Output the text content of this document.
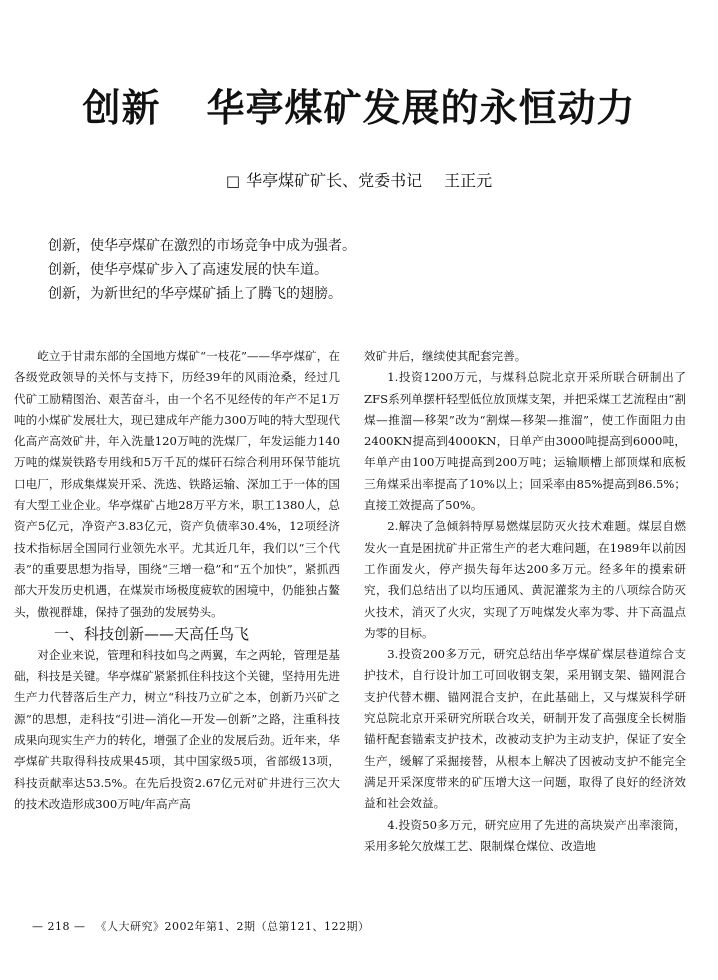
创新 华亭煤矿发展的永恒动力
□ 华亭煤矿矿长、党委书记 王正元
创新，使华亭煤矿在激烈的市场竞争中成为强者。
创新，使华亭煤矿步入了高速发展的快车道。
创新，为新世纪的华亭煤矿插上了腾飞的翅膀。

屹立于甘肃东部的全国地方煤矿“一枝花”——华亭煤矿，在各级党政领导的关怀与支持下，历经39年的风雨沧桑，经过几代矿工励精图治、艰苦奋斗，由一个名不见经传的年产不足1万吨的小煤矿发展壮大，现已建成年产能力300万吨的特大型现代化高产高效矿井，年入洗量120万吨的洗煤厂，年发运能力140万吨的煤炭铁路专用线和5万千瓦的煤矸石综合利用环保节能坑口电厂，形成集煤炭开采、洗选、铁路运输、深加工于一体的国有大型工业企业。华亭煤矿占地28万平方米，职工1380人，总资产5亿元，净资产3.83亿元，资产负债率30.4%，12项经济技术指标居全国同行业领先水平。尤其近几年，我们以“三个代表”的重要思想为指导，围绕“三增一稳”和“五个加快”，紧抓西部大开发历史机遇，在煤炭市场极度疲软的困境中，仍能独占鳌头，傲视群雄，保持了强劲的发展势头。

一、科技创新——天高任鸟飞

对企业来说，管理和科技如鸟之两翼，车之两轮，管理是基础，科技是关键。华亭煤矿紧紧抓住科技这个关键，坚持用先进生产力代替落后生产力，树立“科技乃立矿之本，创新乃兴矿之源”的思想，走科技“引进—消化—开发—创新”之路，注重科技成果向现实生产力的转化，增强了企业的发展后劲。近年来，华亭煤矿共取得科技成果45项，其中国家级5项，省部级13项，科技贡献率达53.5%。在先后投资2.67亿元对矿井进行三次大的技术改造形成300万吨/年高产高

效矿井后，继续使其配套完善。

1.投资1200万元，与煤科总院北京开采所联合研制出了ZFS系列单摆杆轻型低位放顶煤支架，并把采煤工艺流程由“割煤—推溜—移架”改为“割煤—移架—推溜”，使工作面阻力由2400KN提高到4000KN，日单产由3000吨提高到6000吨，年单产由100万吨提高到200万吨；运输顺槽上部顶煤和底板三角煤采出率提高了10%以上；回采率由85%提高到86.5%；直接工效提高了50%。

2.解决了急倾斜特厚易燃煤层防灭火技术难题。煤层自燃发火一直是困扰矿井正常生产的老大难问题，在1989年以前因工作面发火，停产损失每年达200多万元。经多年的摸索研究，我们总结出了以均压通风、黄泥灌浆为主的八项综合防灭火技术，消灭了火灾，实现了万吨煤发火率为零、井下高温点为零的目标。

3.投资200多万元，研究总结出华亭煤矿煤层巷道综合支护技术，自行设计加工可回收钢支架，采用钢支架、锚网混合支护代替木棚、锚网混合支护，在此基础上，又与煤炭科学研究总院北京开采研究所联合攻关，研制开发了高强度全长树脂锚杆配套锚索支护技术，改被动支护为主动支护，保证了安全生产，缓解了采掘接替，从根本上解决了因被动支护不能完全满足开采深度带来的矿压增大这一问题，取得了良好的经济效益和社会效益。

4.投资50多万元，研究应用了先进的高块炭产出率滚筒，采用多轮欠放煤工艺、限制煤仓煤位、改造地

— 218 — 《人大研究》2002年第1、2期（总第121、122期）
